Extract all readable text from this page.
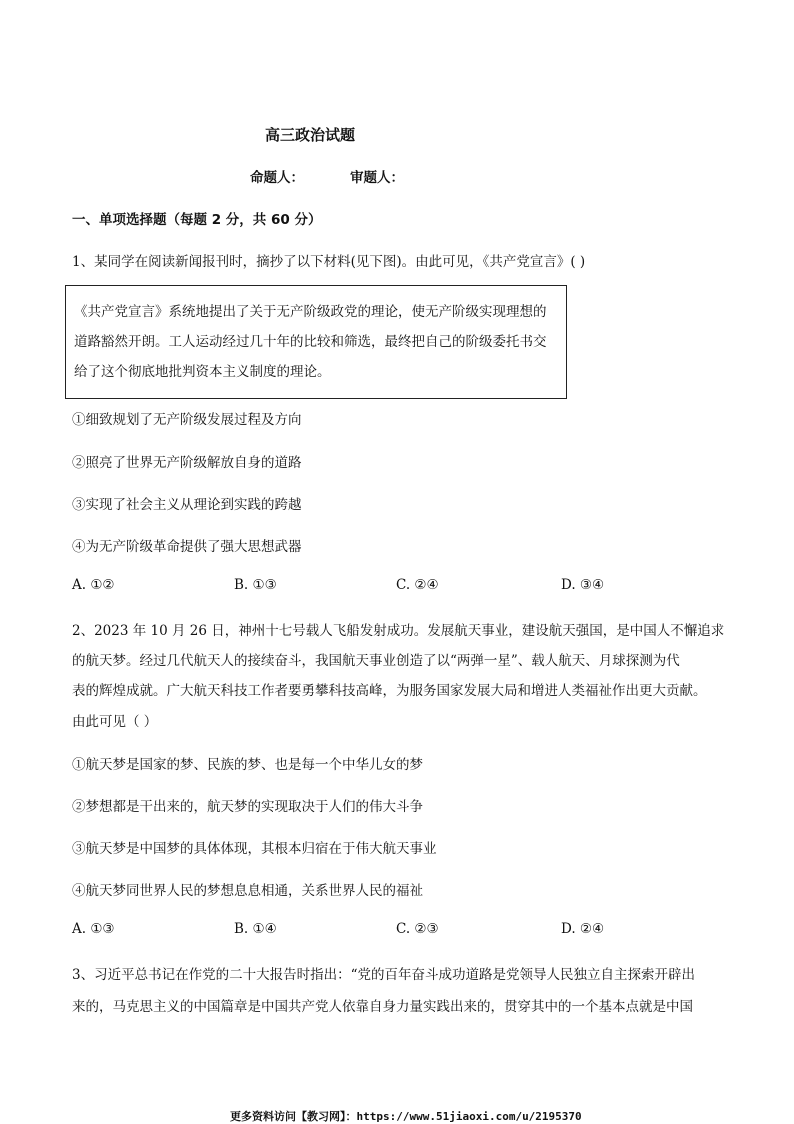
高三政治试题
命题人：	审题人：
一、单项选择题（每题 2 分，共 60 分）
1、某同学在阅读新闻报刊时，摘抄了以下材料(见下图)。由此可见，《共产党宣言》( )
《共产党宣言》系统地提出了关于无产阶级政党的理论，使无产阶级实现理想的
道路豁然开朗。工人运动经过几十年的比较和筛选，最终把自己的阶级委托书交
给了这个彻底地批判资本主义制度的理论。
①细致规划了无产阶级发展过程及方向
②照亮了世界无产阶级解放自身的道路
③实现了社会主义从理论到实践的跨越
④为无产阶级革命提供了强大思想武器
A. ①②	B. ①③	C. ②④	D. ③④
2、2023 年 10 月 26 日，神州十七号载人飞船发射成功。发展航天事业，建设航天强国，是中国人不懈追求
的航天梦。经过几代航天人的接续奋斗，我国航天事业创造了以“两弹一星”、载人航天、月球探测为代
表的辉煌成就。广大航天科技工作者要勇攀科技高峰，为服务国家发展大局和增进人类福祉作出更大贡献。
由此可见（ ）
①航天梦是国家的梦、民族的梦、也是每一个中华儿女的梦
②梦想都是干出来的，航天梦的实现取决于人们的伟大斗争
③航天梦是中国梦的具体体现，其根本归宿在于伟大航天事业
④航天梦同世界人民的梦想息息相通，关系世界人民的福祉
A. ①③	B. ①④	C. ②③	D. ②④
3、习近平总书记在作党的二十大报告时指出：“党的百年奋斗成功道路是党领导人民独立自主探索开辟出
来的，马克思主义的中国篇章是中国共产党人依靠自身力量实践出来的，贯穿其中的一个基本点就是中国
更多资料访问【教习网】：https://www.51jiaoxi.com/u/2195370
